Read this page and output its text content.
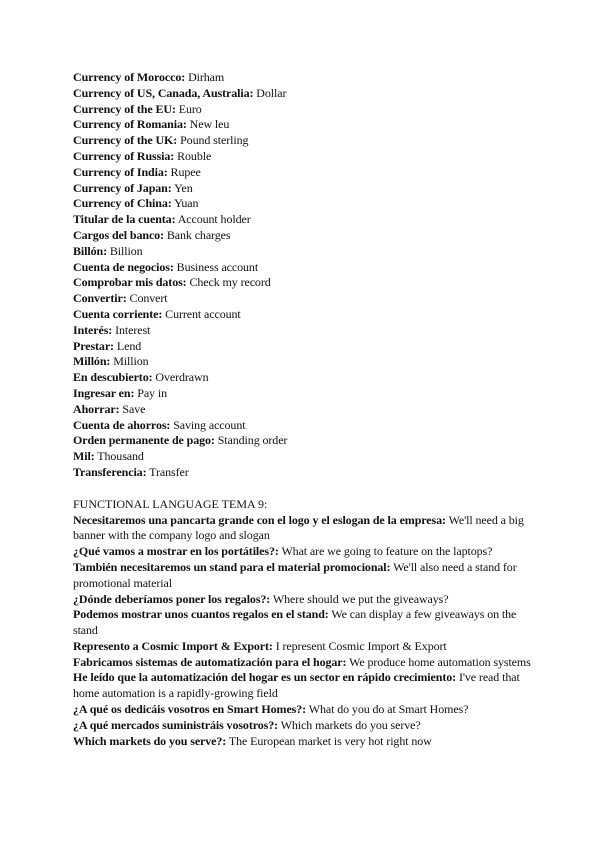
Currency of Morocco: Dirham
Currency of US, Canada, Australia: Dollar
Currency of the EU: Euro
Currency of Romania: New leu
Currency of the UK: Pound sterling
Currency of Russia: Rouble
Currency of India: Rupee
Currency of Japan: Yen
Currency of China: Yuan
Titular de la cuenta: Account holder
Cargos del banco: Bank charges
Billón: Billion
Cuenta de negocios: Business account
Comprobar mis datos: Check my record
Convertir: Convert
Cuenta corriente: Current account
Interés: Interest
Prestar: Lend
Millón: Million
En descubierto: Overdrawn
Ingresar en: Pay in
Ahorrar: Save
Cuenta de ahorros: Saving account
Orden permanente de pago: Standing order
Mil: Thousand
Transferencia: Transfer
FUNCTIONAL LANGUAGE TEMA 9:
Necesitaremos una pancarta grande con el logo y el eslogan de la empresa: We'll need a big banner with the company logo and slogan
¿Qué vamos a mostrar en los portátiles?: What are we going to feature on the laptops?
También necesitaremos un stand para el material promocional: We'll also need a stand for promotional material
¿Dónde deberíamos poner los regalos?: Where should we put the giveaways?
Podemos mostrar unos cuantos regalos en el stand: We can display a few giveaways on the stand
Represento a Cosmic Import & Export: I represent Cosmic Import & Export
Fabricamos sistemas de automatización para el hogar: We produce home automation systems
He leído que la automatización del hogar es un sector en rápido crecimiento: I've read that home automation is a rapidly-growing field
¿A qué os dedicáis vosotros en Smart Homes?: What do you do at Smart Homes?
¿A qué mercados suministráis vosotros?: Which markets do you serve?
Which markets do you serve?: The European market is very hot right now
